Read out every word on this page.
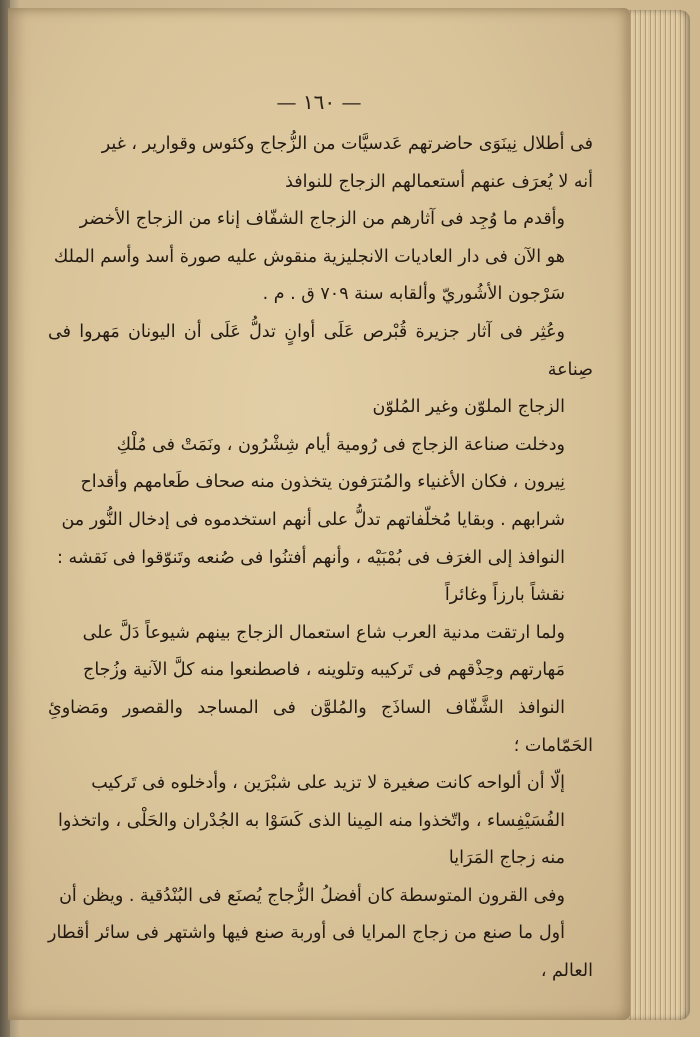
— ١٦٠ —

فى أطلال نِينَوَى حاضرتهم عَدسيَّات من الزُّجاج وكئوس وقوارير ، غير
أنه لا يُعرَف عنهم أستعمالهم الزجاج للنوافذ

وأقدم ما وُجِد فى آثارهم من الزجاج الشفّاف إناء من الزجاج الأخضر
هو الآن فى دار العاديات الانجليزية منقوش عليه صورة أسد وأسم الملك
سَرْجون الأشُوريّ وألقابه سنة ٧٠٩ ق . م .

وعُثِر فى آثار جزيرة قُبْرص عَلَى أوانٍ تدلُّ عَلَى أن اليونان مَهروا فى صِناعة
الزجاج الملوّن وغير المُلوّن

ودخلت صناعة الزجاج فى رُومية أيام شِشْرُون ، ونَمَتْ فى مُلْكِ
نِيرون ، فكان الأغنياء والمُترَفون يتخذون منه صحاف طَعامهم وأقداح
شرابهم . وبقايا مُخلّفاتهم تدلُّ على أنهم استخدموه فى إدخال النُّور من
النوافذ إلى الغرَف فى بُمْبَيْه ، وأنهم أفتنُوا فى صُنعه وتَنوّقوا فى نَقشه :
نقشاً بارزاً وغائراً

ولما ارتقت مدنية العرب شاع استعمال الزجاج بينهم شيوعاً دَلَّ على
مَهارتهم وحِذْقهم فى تَركيبه وتلوينه ، فاصطنعوا منه كلَّ الآنية وزُجاج
النوافذ الشَّفّاف الساذَج والمُلوَّن فى المساجد والقصور ومَضاوئِ الحَمّامات ؛
إلّا أن ألواحه كانت صغيرة لا تزيد على شبْرَين ، وأدخلوه فى تَركيب
الفُسَيْفِساء ، واتّخذوا منه المِينا الذى كَسَوْا به الجُدْران والحَلْى ، واتخذوا
منه زجاج المَرَايا

وفى القرون المتوسطة كان أفضلُ الزُّجاج يُصنَع فى البُنْدُقية . ويظن أن
أول ما صنع من زجاج المرايا فى أوربة صنع فيها واشتهر فى سائر أقطار العالم ،
